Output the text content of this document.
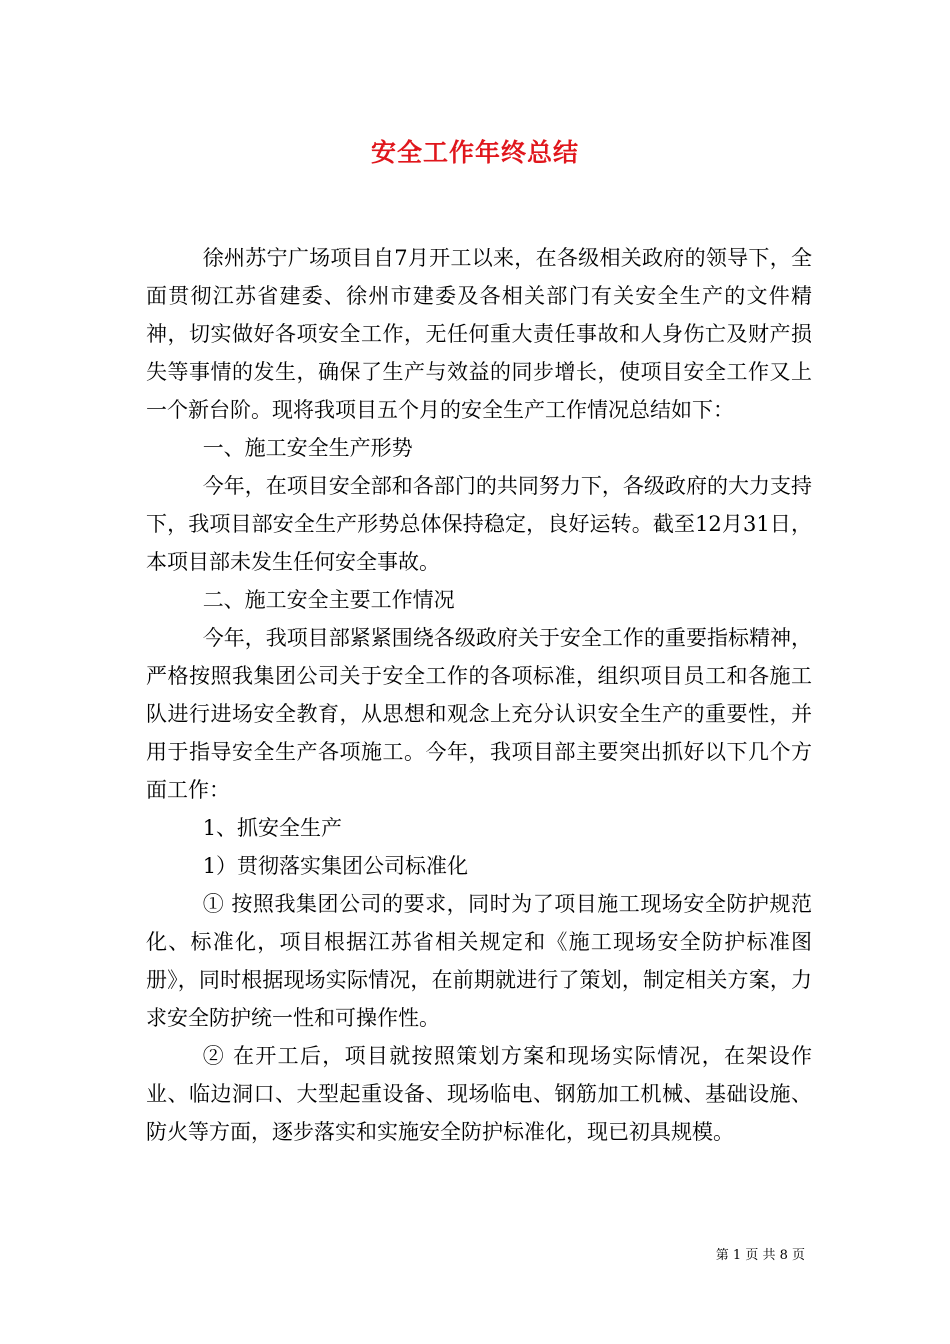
安全工作年终总结

徐州苏宁广场项目自7月开工以来，在各级相关政府的领导下，全面贯彻江苏省建委、徐州市建委及各相关部门有关安全生产的文件精神，切实做好各项安全工作，无任何重大责任事故和人身伤亡及财产损失等事情的发生，确保了生产与效益的同步增长，使项目安全工作又上一个新台阶。现将我项目五个月的安全生产工作情况总结如下：

一、施工安全生产形势

今年，在项目安全部和各部门的共同努力下，各级政府的大力支持下，我项目部安全生产形势总体保持稳定，良好运转。截至12月31日，本项目部未发生任何安全事故。

二、施工安全主要工作情况

今年，我项目部紧紧围绕各级政府关于安全工作的重要指标精神，严格按照我集团公司关于安全工作的各项标准，组织项目员工和各施工队进行进场安全教育，从思想和观念上充分认识安全生产的重要性，并用于指导安全生产各项施工。今年，我项目部主要突出抓好以下几个方面工作：

1、抓安全生产

1）贯彻落实集团公司标准化

① 按照我集团公司的要求，同时为了项目施工现场安全防护规范化、标准化，项目根据江苏省相关规定和《施工现场安全防护标准图册》，同时根据现场实际情况，在前期就进行了策划，制定相关方案，力求安全防护统一性和可操作性。

② 在开工后，项目就按照策划方案和现场实际情况，在架设作业、临边洞口、大型起重设备、现场临电、钢筋加工机械、基础设施、防火等方面，逐步落实和实施安全防护标准化，现已初具规模。

第 1 页 共 8 页
